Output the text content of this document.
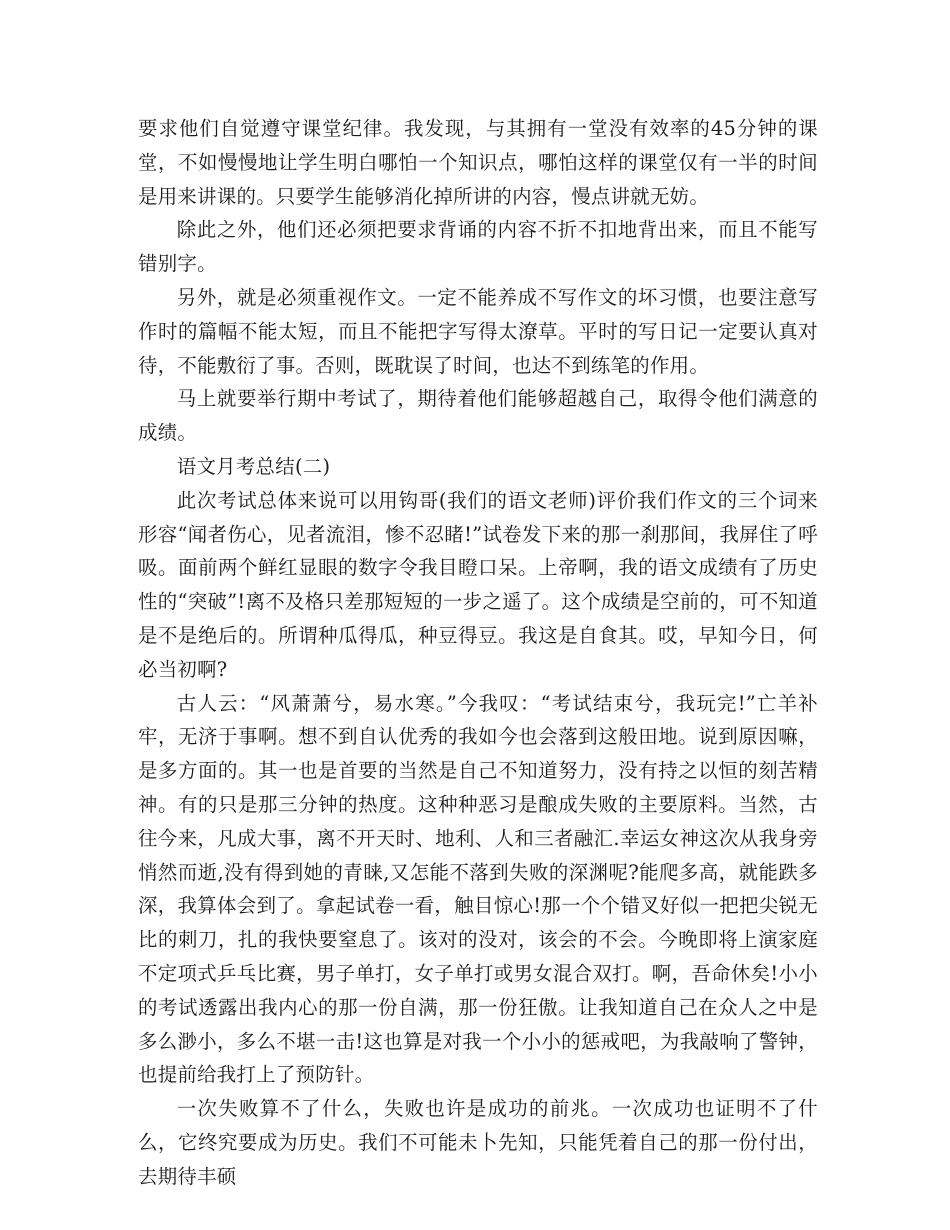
要求他们自觉遵守课堂纪律。我发现，与其拥有一堂没有效率的45分钟的课堂，不如慢慢地让学生明白哪怕一个知识点，哪怕这样的课堂仅有一半的时间是用来讲课的。只要学生能够消化掉所讲的内容，慢点讲就无妨。

除此之外，他们还必须把要求背诵的内容不折不扣地背出来，而且不能写错别字。

另外，就是必须重视作文。一定不能养成不写作文的坏习惯，也要注意写作时的篇幅不能太短，而且不能把字写得太潦草。平时的写日记一定要认真对待，不能敷衍了事。否则，既耽误了时间，也达不到练笔的作用。

马上就要举行期中考试了，期待着他们能够超越自己，取得令他们满意的成绩。

语文月考总结(二)

此次考试总体来说可以用钩哥(我们的语文老师)评价我们作文的三个词来形容“闻者伤心，见者流泪，惨不忍睹!”试卷发下来的那一刹那间，我屏住了呼吸。面前两个鲜红显眼的数字令我目瞪口呆。上帝啊，我的语文成绩有了历史性的“突破”!离不及格只差那短短的一步之遥了。这个成绩是空前的，可不知道是不是绝后的。所谓种瓜得瓜，种豆得豆。我这是自食其。哎，早知今日，何必当初啊?

古人云：“风萧萧兮，易水寒。”今我叹：“考试结束兮，我玩完!”亡羊补牢，无济于事啊。想不到自认优秀的我如今也会落到这般田地。说到原因嘛，是多方面的。其一也是首要的当然是自己不知道努力，没有持之以恒的刻苦精神。有的只是那三分钟的热度。这种种恶习是酿成失败的主要原料。当然，古往今来，凡成大事，离不开天时、地利、人和三者融汇.幸运女神这次从我身旁悄然而逝,没有得到她的青睐,又怎能不落到失败的深渊呢?能爬多高，就能跌多深，我算体会到了。拿起试卷一看，触目惊心!那一个个错叉好似一把把尖锐无比的刺刀，扎的我快要窒息了。该对的没对，该会的不会。今晚即将上演家庭不定项式乒乓比赛，男子单打，女子单打或男女混合双打。啊，吾命休矣!小小的考试透露出我内心的那一份自满，那一份狂傲。让我知道自己在众人之中是多么渺小，多么不堪一击!这也算是对我一个小小的惩戒吧，为我敲响了警钟，也提前给我打上了预防针。

一次失败算不了什么，失败也许是成功的前兆。一次成功也证明不了什么，它终究要成为历史。我们不可能未卜先知，只能凭着自己的那一份付出，去期待丰硕
